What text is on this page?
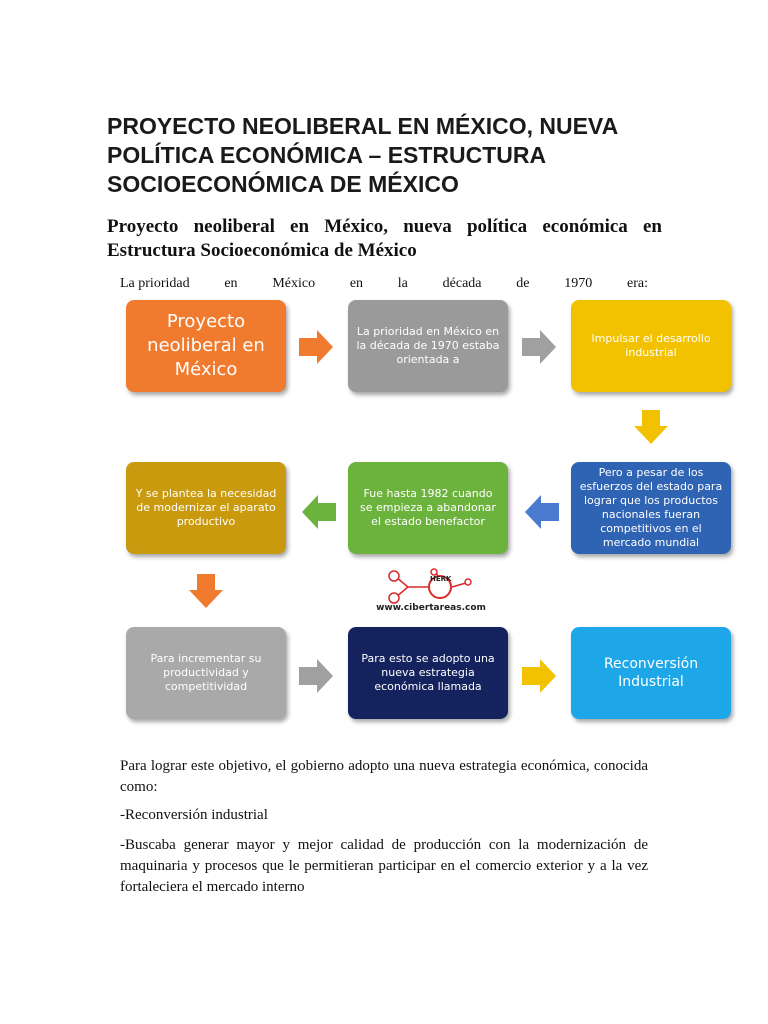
PROYECTO NEOLIBERAL EN MÉXICO, NUEVA POLÍTICA ECONÓMICA – ESTRUCTURA SOCIOECONÓMICA DE MÉXICO
Proyecto neoliberal en México, nueva política económica en Estructura Socioeconómica de México

La prioridad en México en la década de 1970 era:

Proyecto neoliberal en México
La prioridad en México en la década de 1970 estaba orientada a
Impulsar el desarrollo industrial
Pero a pesar de los esfuerzos del estado para lograr que los productos nacionales fueran competitivos en el mercado mundial
Fue hasta 1982 cuando se empieza a abandonar el estado benefactor
Y se plantea la necesidad de modernizar el aparato productivo
Para incrementar su productividad y competitividad
Para esto se adopto una nueva estrategia económica llamada
Reconversión Industrial
HERK
www.cibertareas.com

Para lograr este objetivo, el gobierno adopto una nueva estrategia económica, conocida como:

-Reconversión industrial

-Buscaba generar mayor y mejor calidad de producción con la modernización de maquinaria y procesos que le permitieran participar en el comercio exterior y a la vez fortaleciera el mercado interno
